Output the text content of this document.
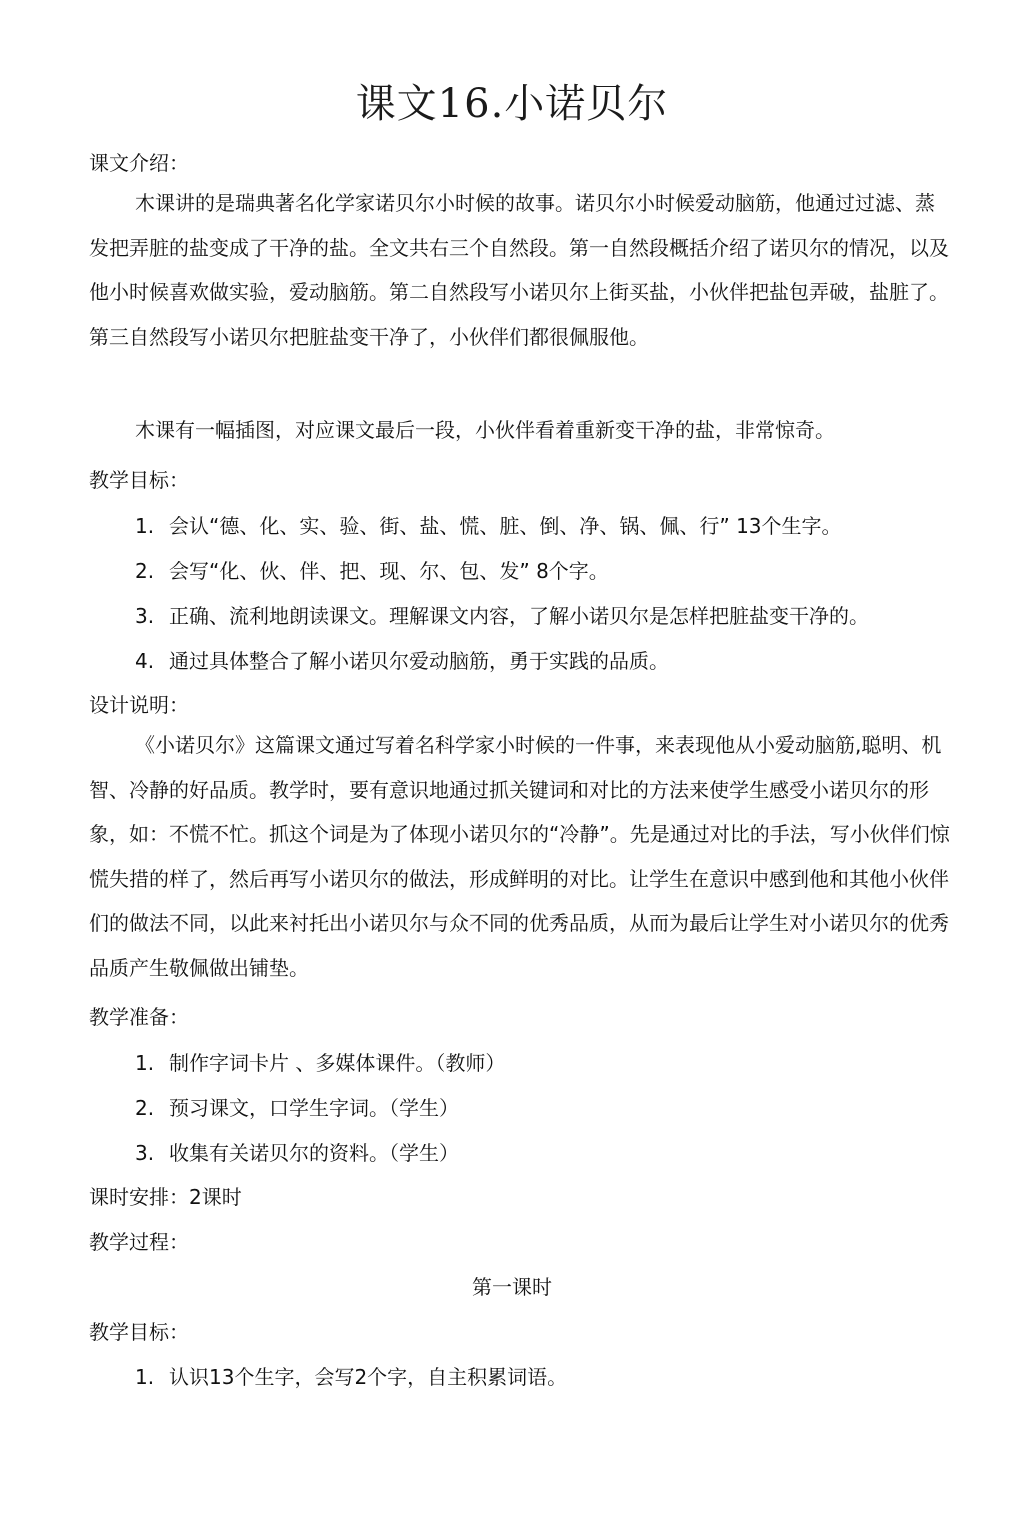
课文16.小诺贝尔
课文介绍：

木课讲的是瑞典著名化学家诺贝尔小时候的故事。诺贝尔小时候爱动脑筋，他通过过滤、蒸发把弄脏的盐变成了干净的盐。全文共右三个自然段。第一自然段概括介绍了诺贝尔的情况，以及他小时候喜欢做实验，爱动脑筋。第二自然段写小诺贝尔上街买盐，小伙伴把盐包弄破，盐脏了。第三自然段写小诺贝尔把脏盐变干净了，小伙伴们都很佩服他。

木课有一幅插图，对应课文最后一段，小伙伴看着重新变干净的盐，非常惊奇。

教学目标：
1. 会认“德、化、实、验、街、盐、慌、脏、倒、净、锅、佩、行” 13个生字。
2. 会写“化、伙、伴、把、现、尔、包、发” 8个字。
3. 正确、流利地朗读课文。理解课文内容，了解小诺贝尔是怎样把脏盐变干净的。
4. 通过具体整合了解小诺贝尔爱动脑筋，勇于实践的品质。
设计说明：

《小诺贝尔》这篇课文通过写着名科学家小时候的一件事，来表现他从小爱动脑筋,聪明、机智、冷静的好品质。教学时，要有意识地通过抓关键词和对比的方法来使学生感受小诺贝尔的形象，如：不慌不忙。抓这个词是为了体现小诺贝尔的“冷静”。先是通过对比的手法，写小伙伴们惊慌失措的样了，然后再写小诺贝尔的做法，形成鲜明的对比。让学生在意识中感到他和其他小伙伴们的做法不同，以此来衬托出小诺贝尔与众不同的优秀品质，从而为最后让学生对小诺贝尔的优秀品质产生敬佩做出铺垫。

教学准备：
1. 制作字词卡片 、多媒体课件。（教师）
2. 预习课文，口学生字词。（学生）
3. 收集有关诺贝尔的资料。（学生）
课时安排：2课时
教学过程：
第一课时
教学目标：
1. 认识13个生字，会写2个字，自主积累词语。
